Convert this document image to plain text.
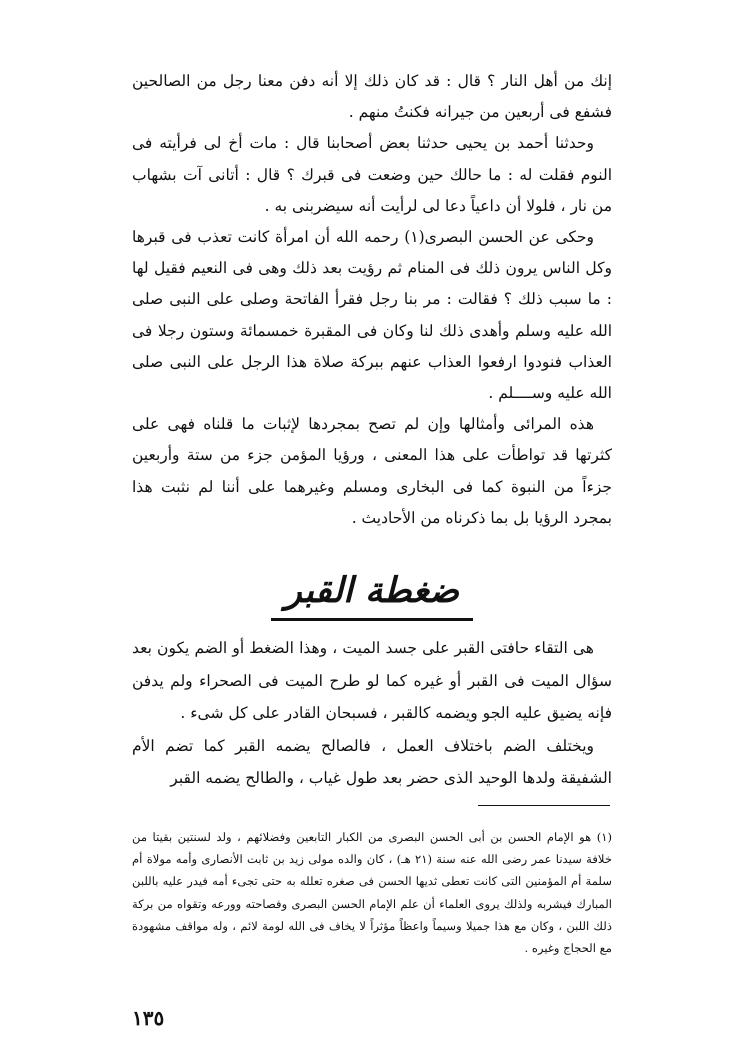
إنك من أهل النار ؟ قال : قد كان ذلك إلا أنه دفن معنا رجل من الصالحين فشفع فى أربعين من جيرانه فكنتُ منهم .

وحدثنا أحمد بن يحيى حدثنا بعض أصحابنا قال : مات أخ لى فرأيته فى النوم فقلت له : ما حالك حين وضعت فى قبرك ؟ قال : أتانى آت بشهاب من نار ، فلولا أن داعياً دعا لى لرأيت أنه سيضربنى به .

وحكى عن الحسن البصرى(١) رحمه الله أن امرأة كانت تعذب فى قبرها وكل الناس يرون ذلك فى المنام ثم رؤيت بعد ذلك وهى فى النعيم فقيل لها : ما سبب ذلك ؟ فقالت : مر بنا رجل فقرأ الفاتحة وصلى على النبى صلى الله عليه وسلم وأهدى ذلك لنا وكان فى المقبرة خمسمائة وستون رجلا فى العذاب فنودوا ارفعوا العذاب عنهم ببركة صلاة هذا الرجل على النبى صلى الله عليه وســــلم .

هذه المرائى وأمثالها وإن لم تصح بمجردها لإثبات ما قلناه فهى على كثرتها قد تواطأت على هذا المعنى ، ورؤيا المؤمن جزء من ستة وأربعين جزءاً من النبوة كما فى البخارى ومسلم وغيرهما على أننا لم نثبت هذا بمجرد الرؤيا بل بما ذكرناه من الأحاديث .

ضغطة القبر

هى التقاء حافتى القبر على جسد الميت ، وهذا الضغط أو الضم يكون بعد سؤال الميت فى القبر أو غيره كما لو طرح الميت فى الصحراء ولم يدفن فإنه يضيق عليه الجو ويضمه كالقبر ، فسبحان القادر على كل شىء .

ويختلف الضم باختلاف العمل ، فالصالح يضمه القبر كما تضم الأم الشفيقة ولدها الوحيد الذى حضر بعد طول غياب ، والطالح يضمه القبر

(١) هو الإمام الحسن بن أبى الحسن البصرى من الكبار التابعين وفضلائهم ، ولد لسنتين بقيتا من خلافة سيدنا عمر رضى الله عنه سنة (٢١ هـ) ، كان والده مولى زيد بن ثابت الأنصارى وأمه مولاة أم سلمة أم المؤمنين التى كانت تعطى ثديها الحسن فى صغره تعلله به حتى تجىء أمه فيدر عليه باللبن المبارك فيشربه ولذلك يروى العلماء أن علم الإمام الحسن البصرى وفصاحته وورعه وتقواه من بركة ذلك اللبن ، وكان مع هذا جميلا وسيماً واعظاً مؤثراً لا يخاف فى الله لومة لائم ، وله مواقف مشهودة مع الحجاج وغيره .

١٣٥
